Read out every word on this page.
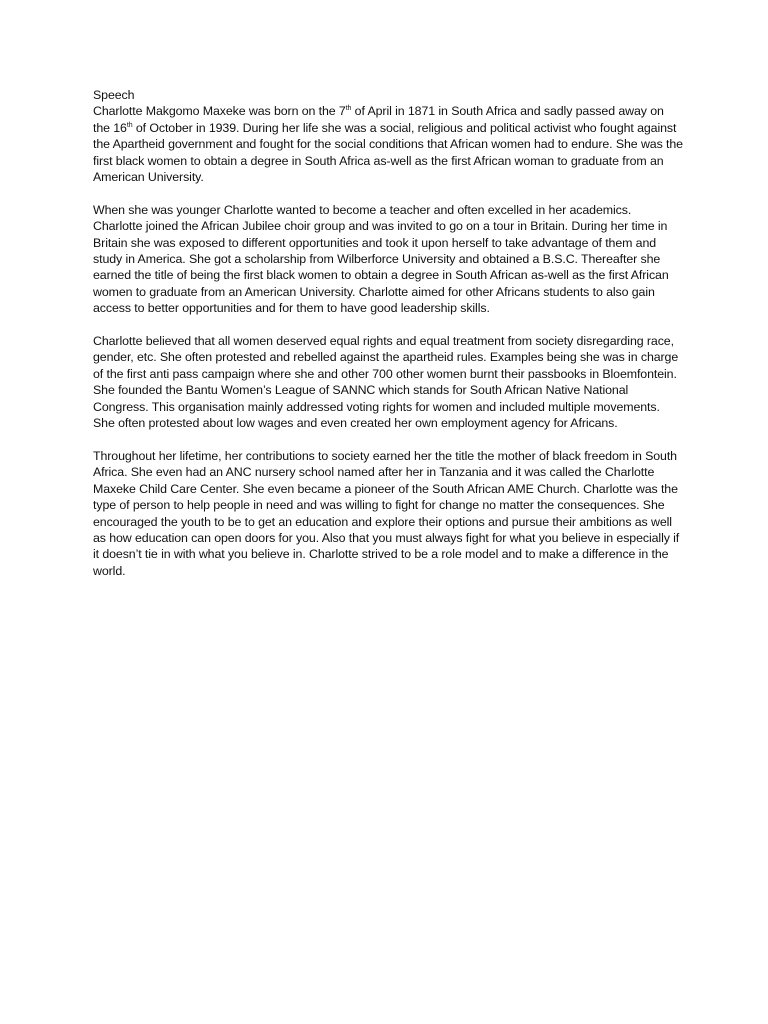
Speech

Charlotte Makgomo Maxeke was born on the 7th of April in 1871 in South Africa and sadly passed away on the 16th of October in 1939. During her life she was a social, religious and political activist who fought against the Apartheid government and fought for the social conditions that African women had to endure. She was the first black women to obtain a degree in South Africa as-well as the first African woman to graduate from an American University.

When she was younger Charlotte wanted to become a teacher and often excelled in her academics. Charlotte joined the African Jubilee choir group and was invited to go on a tour in Britain. During her time in Britain she was exposed to different opportunities and took it upon herself to take advantage of them and study in America. She got a scholarship from Wilberforce University and obtained a B.S.C. Thereafter she earned the title of being the first black women to obtain a degree in South African as-well as the first African women to graduate from an American University. Charlotte aimed for other Africans students to also gain access to better opportunities and for them to have good leadership skills.

Charlotte believed that all women deserved equal rights and equal treatment from society disregarding race, gender, etc. She often protested and rebelled against the apartheid rules. Examples being she was in charge of the first anti pass campaign where she and other 700 other women burnt their passbooks in Bloemfontein. She founded the Bantu Women’s League of SANNC which stands for South African Native National Congress. This organisation mainly addressed voting rights for women and included multiple movements. She often protested about low wages and even created her own employment agency for Africans.

Throughout her lifetime, her contributions to society earned her the title the mother of black freedom in South Africa. She even had an ANC nursery school named after her in Tanzania and it was called the Charlotte Maxeke Child Care Center. She even became a pioneer of the South African AME Church. Charlotte was the type of person to help people in need and was willing to fight for change no matter the consequences. She encouraged the youth to be to get an education and explore their options and pursue their ambitions as well as how education can open doors for you. Also that you must always fight for what you believe in especially if it doesn’t tie in with what you believe in. Charlotte strived to be a role model and to make a difference in the world.
